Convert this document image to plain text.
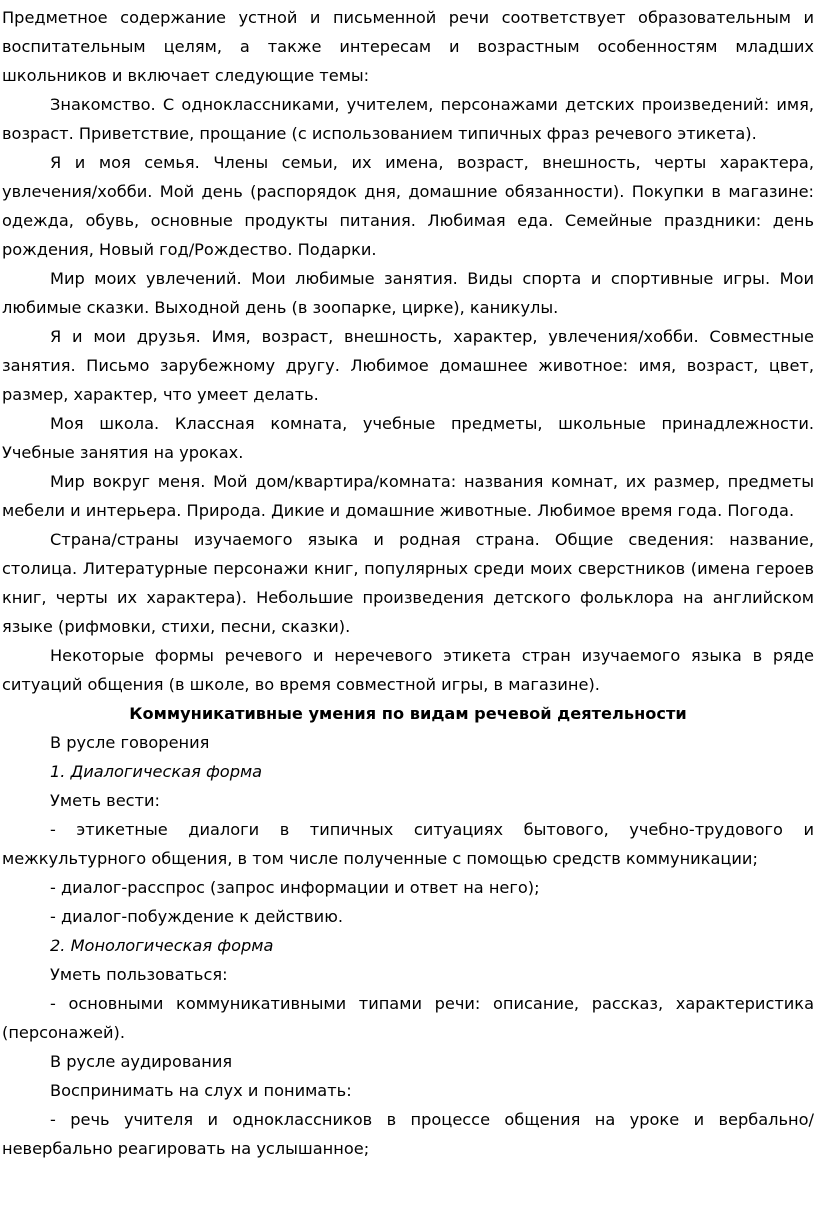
Предметное содержание устной и письменной речи соответствует образовательным и воспитательным целям, а также интересам и возрастным особенностям младших школьников и включает следующие темы:

Знакомство. С одноклассниками, учителем, персонажами детских произведений: имя, возраст. Приветствие, прощание (с использованием типичных фраз речевого этикета).

Я и моя семья. Члены семьи, их имена, возраст, внешность, черты характера, увлечения/хобби. Мой день (распорядок дня, домашние обязанности). Покупки в магазине: одежда, обувь, основные продукты питания. Любимая еда. Семейные праздники: день рождения, Новый год/Рождество. Подарки.

Мир моих увлечений. Мои любимые занятия. Виды спорта и спортивные игры. Мои любимые сказки. Выходной день (в зоопарке, цирке), каникулы.

Я и мои друзья. Имя, возраст, внешность, характер, увлечения/хобби. Совместные занятия. Письмо зарубежному другу. Любимое домашнее животное: имя, возраст, цвет, размер, характер, что умеет делать.

Моя школа. Классная комната, учебные предметы, школьные принадлежности. Учебные занятия на уроках.

Мир вокруг меня. Мой дом/квартира/комната: названия комнат, их размер, предметы мебели и интерьера. Природа. Дикие и домашние животные. Любимое время года. Погода.

Страна/страны изучаемого языка и родная страна. Общие сведения: название, столица. Литературные персонажи книг, популярных среди моих сверстников (имена героев книг, черты их характера). Небольшие произведения детского фольклора на английском языке (рифмовки, стихи, песни, сказки).

Некоторые формы речевого и неречевого этикета стран изучаемого языка в ряде ситуаций общения (в школе, во время совместной игры, в магазине).

Коммуникативные умения по видам речевой деятельности

В русле говорения

1. Диалогическая форма

Уметь вести:

- этикетные диалоги в типичных ситуациях бытового, учебно-трудового и межкультурного общения, в том числе полученные с помощью средств коммуникации;

- диалог-расспрос (запрос информации и ответ на него);

- диалог-побуждение к действию.

2. Монологическая форма

Уметь пользоваться:

- основными коммуникативными типами речи: описание, рассказ, характеристика (персонажей).

В русле аудирования

Воспринимать на слух и понимать:

- речь учителя и одноклассников в процессе общения на уроке и вербально/невербально реагировать на услышанное;
